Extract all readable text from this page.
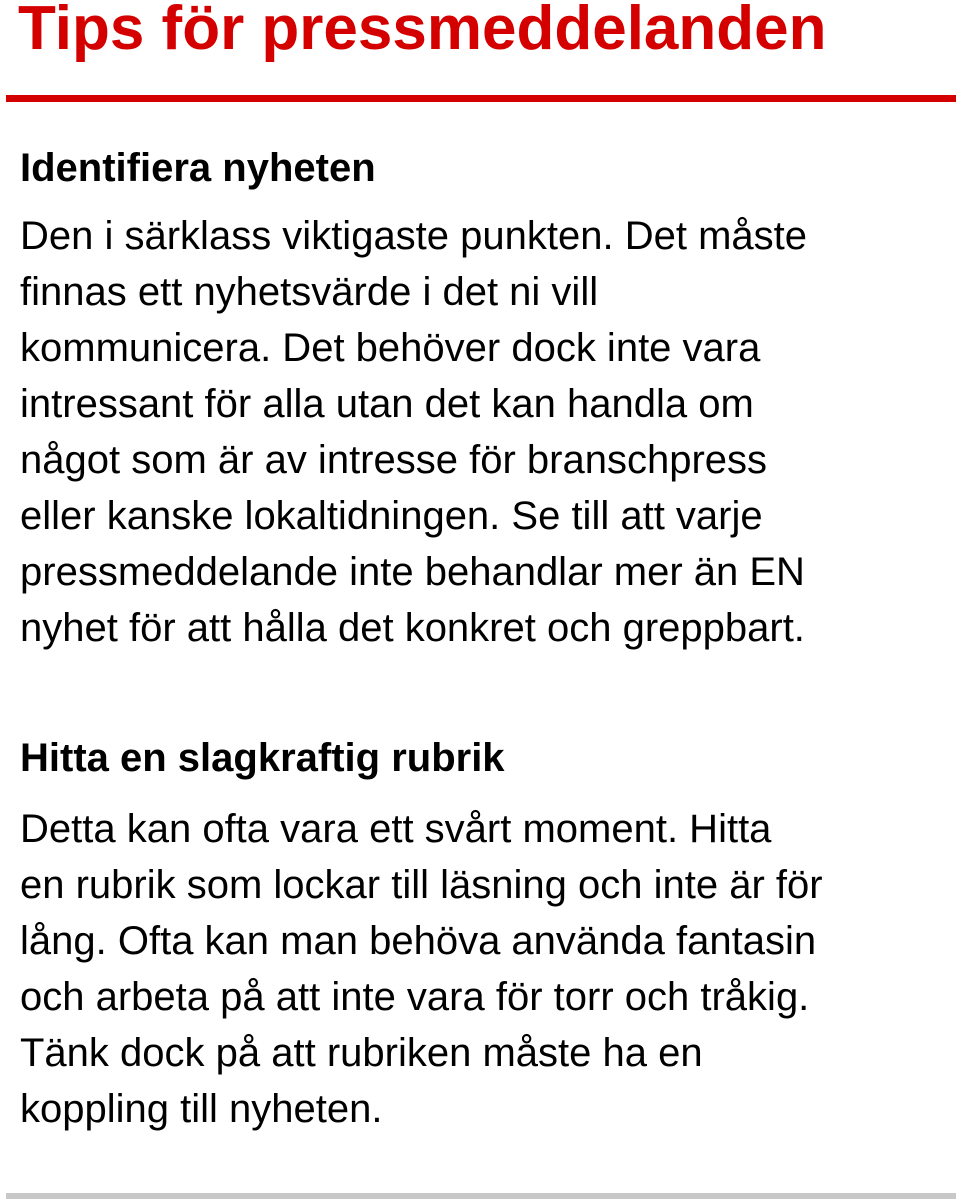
Tips för pressmeddelanden
Identifiera nyheten
Den i särklass viktigaste punkten. Det måste
finnas ett nyhetsvärde i det ni vill
kommunicera. Det behöver dock inte vara
intressant för alla utan det kan handla om
något som är av intresse för branschpress
eller kanske lokaltidningen. Se till att varje
pressmeddelande inte behandlar mer än EN
nyhet för att hålla det konkret och greppbart.
Hitta en slagkraftig rubrik
Detta kan ofta vara ett svårt moment. Hitta
en rubrik som lockar till läsning och inte är för
lång. Ofta kan man behöva använda fantasin
och arbeta på att inte vara för torr och tråkig.
Tänk dock på att rubriken måste ha en
koppling till nyheten.
